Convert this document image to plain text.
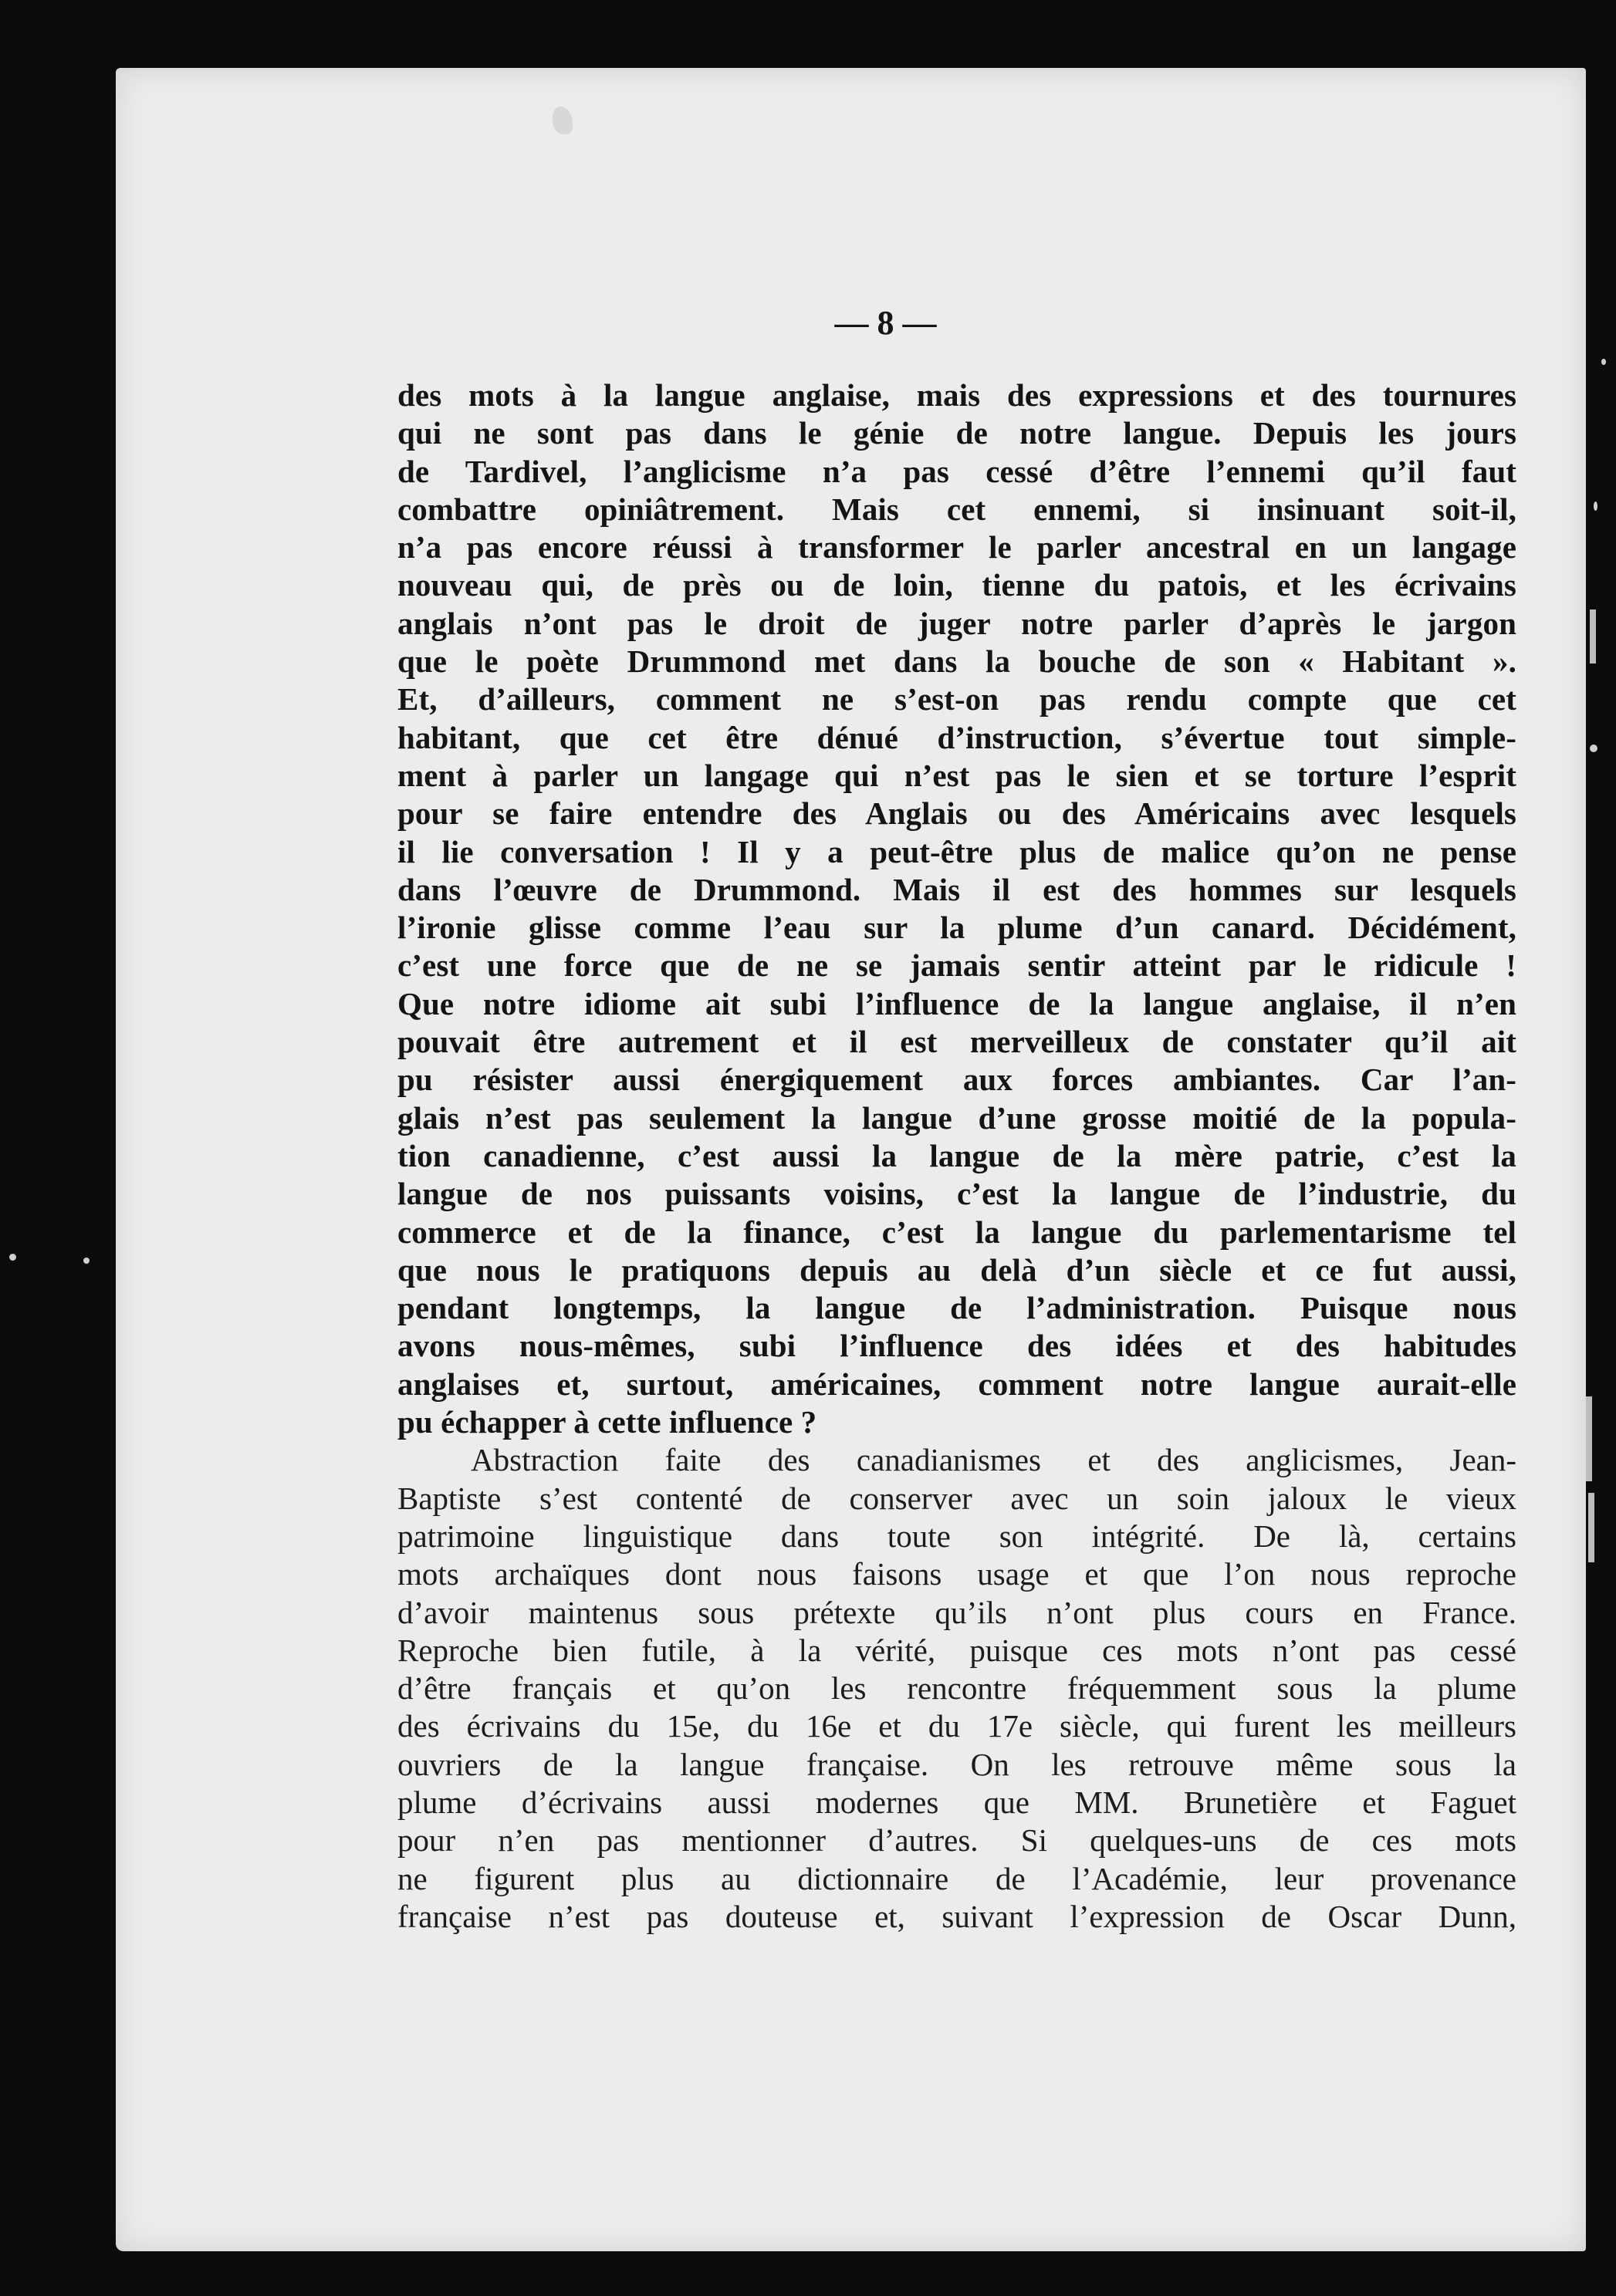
— 8 —
des mots à la langue anglaise, mais des expressions et des tournures
qui ne sont pas dans le génie de notre langue. Depuis les jours
de Tardivel, l’anglicisme n’a pas cessé d’être l’ennemi qu’il faut
combattre opiniâtrement. Mais cet ennemi, si insinuant soit-il,
n’a pas encore réussi à transformer le parler ancestral en un langage
nouveau qui, de près ou de loin, tienne du patois, et les écrivains
anglais n’ont pas le droit de juger notre parler d’après le jargon
que le poète Drummond met dans la bouche de son « Habitant ».
Et, d’ailleurs, comment ne s’est-on pas rendu compte que cet
habitant, que cet être dénué d’instruction, s’évertue tout simple-
ment à parler un langage qui n’est pas le sien et se torture l’esprit
pour se faire entendre des Anglais ou des Américains avec lesquels
il lie conversation ! Il y a peut-être plus de malice qu’on ne pense
dans l’œuvre de Drummond. Mais il est des hommes sur lesquels
l’ironie glisse comme l’eau sur la plume d’un canard. Décidément,
c’est une force que de ne se jamais sentir atteint par le ridicule !
Que notre idiome ait subi l’influence de la langue anglaise, il n’en
pouvait être autrement et il est merveilleux de constater qu’il ait
pu résister aussi énergiquement aux forces ambiantes. Car l’an-
glais n’est pas seulement la langue d’une grosse moitié de la popula-
tion canadienne, c’est aussi la langue de la mère patrie, c’est la
langue de nos puissants voisins, c’est la langue de l’industrie, du
commerce et de la finance, c’est la langue du parlementarisme tel
que nous le pratiquons depuis au delà d’un siècle et ce fut aussi,
pendant longtemps, la langue de l’administration. Puisque nous
avons nous-mêmes, subi l’influence des idées et des habitudes
anglaises et, surtout, américaines, comment notre langue aurait-elle
pu échapper à cette influence ?
Abstraction faite des canadianismes et des anglicismes, Jean-
Baptiste s’est contenté de conserver avec un soin jaloux le vieux
patrimoine linguistique dans toute son intégrité. De là, certains
mots archaïques dont nous faisons usage et que l’on nous reproche
d’avoir maintenus sous prétexte qu’ils n’ont plus cours en France.
Reproche bien futile, à la vérité, puisque ces mots n’ont pas cessé
d’être français et qu’on les rencontre fréquemment sous la plume
des écrivains du 15e, du 16e et du 17e siècle, qui furent les meilleurs
ouvriers de la langue française. On les retrouve même sous la
plume d’écrivains aussi modernes que MM. Brunetière et Faguet
pour n’en pas mentionner d’autres. Si quelques-uns de ces mots
ne figurent plus au dictionnaire de l’Académie, leur provenance
française n’est pas douteuse et, suivant l’expression de Oscar Dunn,
